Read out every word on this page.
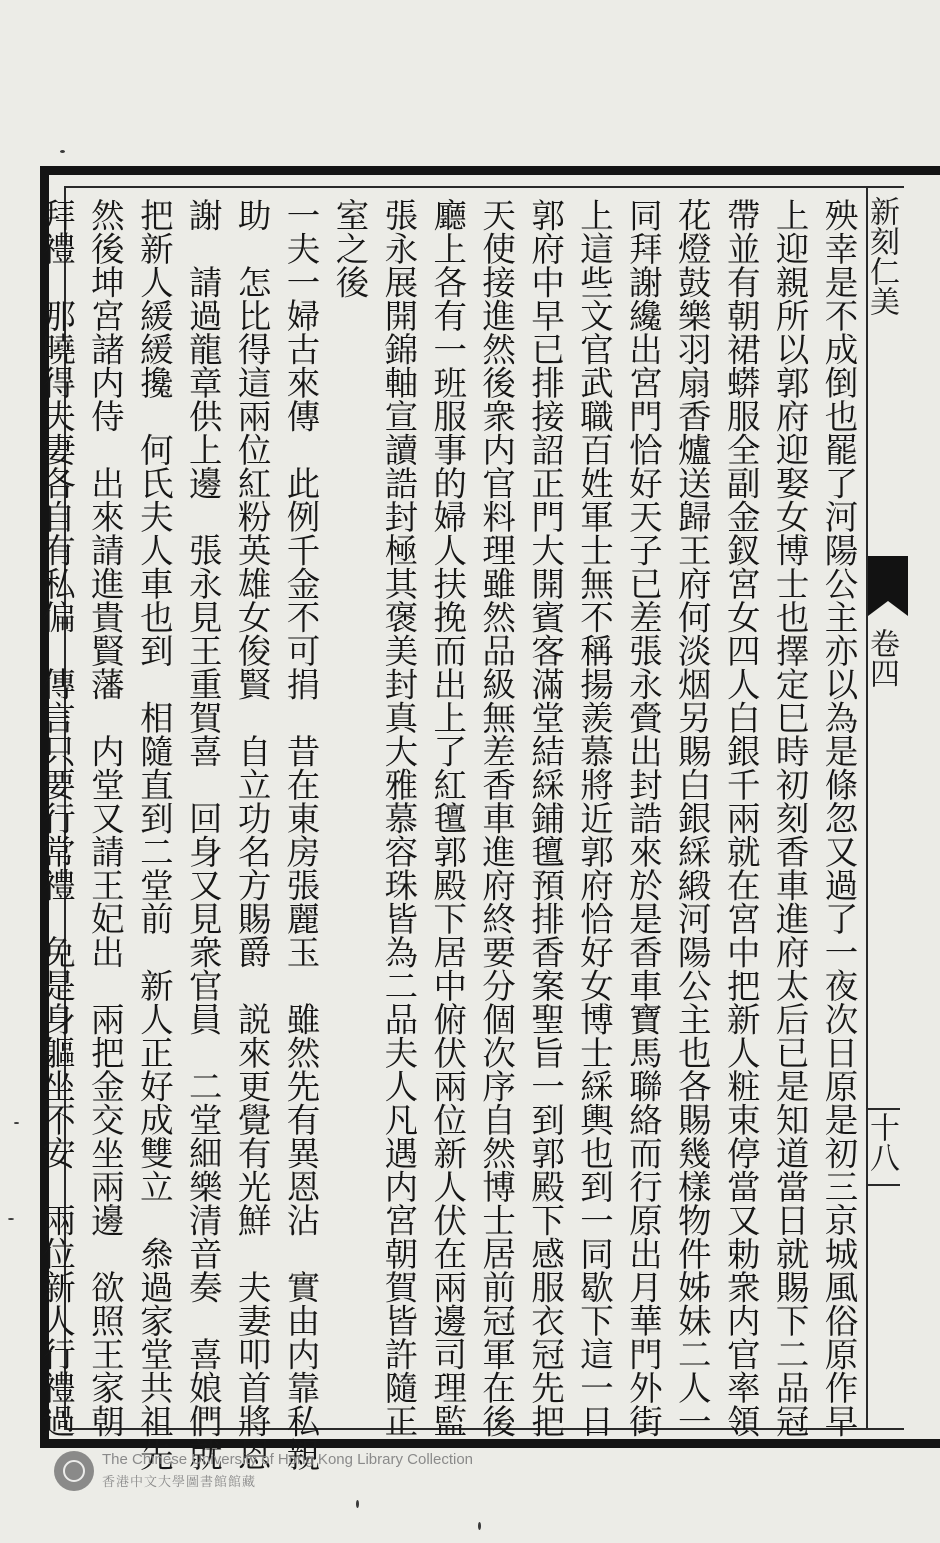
新刻仁美
卷四
十八
殃幸是不成倒也罷了河陽公主亦以為是條忽又過了一夜次日原是初三京城風俗原作早
上迎親所以郭府迎娶女博士也擇定巳時初刻香車進府太后已是知道當日就賜下二品冠
帶並有朝裙蟒服全副金釵宮女四人白銀千兩就在宮中把新人粧束停當又勅衆内官率領
花燈鼓樂羽扇香爐送歸王府何淡烟另賜白銀綵緞河陽公主也各賜幾樣物件姊妹二人一
同拜謝纔出宮門恰好天子已差張永賫出封誥來於是香車寶馬聯絡而行原出月華門外街
上這些文官武職百姓軍士無不稱揚羨慕將近郭府恰好女博士綵輿也到一同歇下這一日
郭府中早已排接詔正門大開賓客滿堂結綵鋪氊預排香案聖旨一到郭殿下感服衣冠先把
天使接進然後衆内官料理雖然品級無差香車進府終要分個次序自然博士居前冠軍在後
廳上各有一班服事的婦人扶挽而出上了紅氊郭殿下居中俯伏兩位新人伏在兩邊司理監
張永展開錦軸宣讀誥封極其褒美封真大雅慕容珠皆為二品夫人凡遇内宮朝賀皆許隨正
室之後
一夫一婦古來傳　此例千金不可捐　昔在東房張麗玉　雖然先有異恩沾　實由内靠私親
助　怎比得這兩位紅粉英雄女俊賢　自立功名方賜爵　説來更覺有光鮮　夫妻叩首將恩
謝　請過龍章供上邊　張永見王重賀喜　回身又見衆官員　二堂細樂清音奏　喜娘們就
把新人緩緩攙　何氏夫人車也到　相隨直到二堂前　新人正好成雙立　叅過家堂共祖先
然後坤宮諸内侍　出來請進貴賢藩　内堂又請王妃出　兩把金交坐兩邊　欲照王家朝
拜禮　那曉得夫妻各自有私偏　傳言只要行常禮　免是身軀坐不安　兩位新人行禮過
The Chinese University of Hong Kong Library Collection
香港中文大學圖書館館藏
